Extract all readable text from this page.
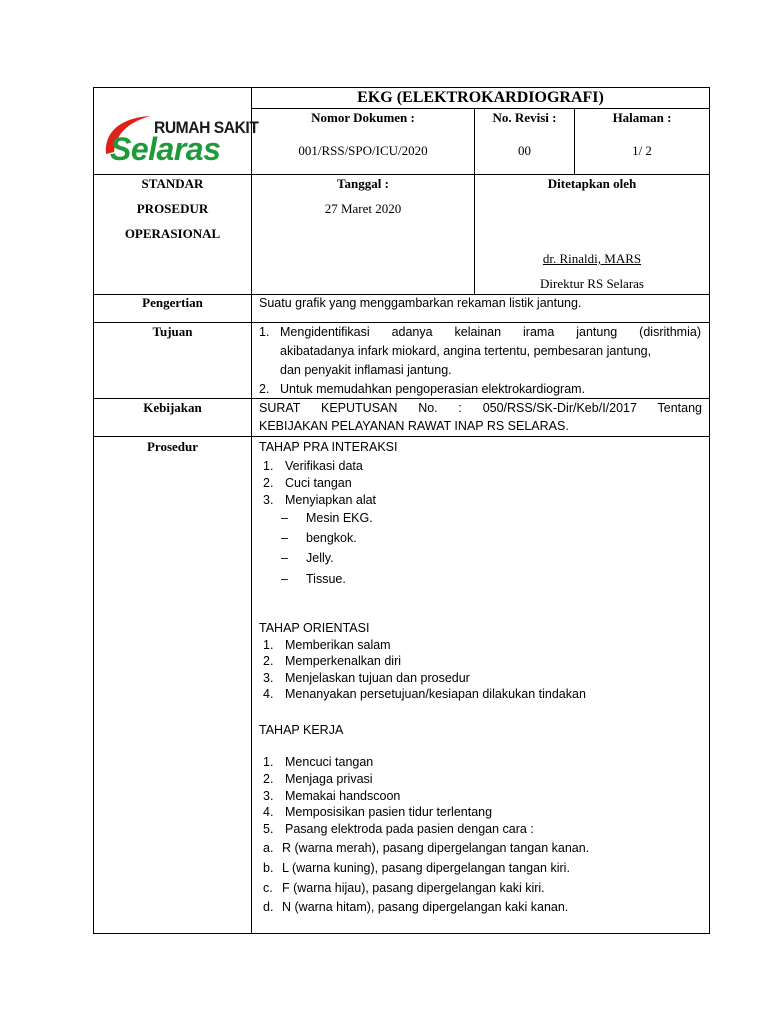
RUMAH SAKIT
Selaras
EKG (ELEKTROKARDIOGRAFI)
Nomor Dokumen :
001/RSS/SPO/ICU/2020
No. Revisi :
00
Halaman :
1/ 2
STANDAR
PROSEDUR
OPERASIONAL
Tanggal :
27 Maret 2020
Ditetapkan oleh
dr. Rinaldi, MARS
Direktur RS Selaras
Pengertian	Suatu grafik yang menggambarkan rekaman listik jantung.
Tujuan	1. Mengidentifikasi adanya kelainan irama jantung (disrithmia)
akibatadanya infark miokard, angina tertentu, pembesaran jantung,
dan penyakit inflamasi jantung.
2. Untuk memudahkan pengoperasian elektrokardiogram.
Kebijakan	SURAT KEPUTUSAN No. : 050/RSS/SK-Dir/Keb/I/2017 Tentang
KEBIJAKAN PELAYANAN RAWAT INAP RS SELARAS.
Prosedur	TAHAP PRA INTERAKSI
1. Verifikasi data
2. Cuci tangan
3. Menyiapkan alat
– Mesin EKG.
– bengkok.
– Jelly.
– Tissue.
TAHAP ORIENTASI
1. Memberikan salam
2. Memperkenalkan diri
3. Menjelaskan tujuan dan prosedur
4. Menanyakan persetujuan/kesiapan dilakukan tindakan
TAHAP KERJA
1. Mencuci tangan
2. Menjaga privasi
3. Memakai handscoon
4. Memposisikan pasien tidur terlentang
5. Pasang elektroda pada pasien dengan cara :
a. R (warna merah), pasang dipergelangan tangan kanan.
b. L (warna kuning), pasang dipergelangan tangan kiri.
c. F (warna hijau), pasang dipergelangan kaki kiri.
d. N (warna hitam), pasang dipergelangan kaki kanan.
